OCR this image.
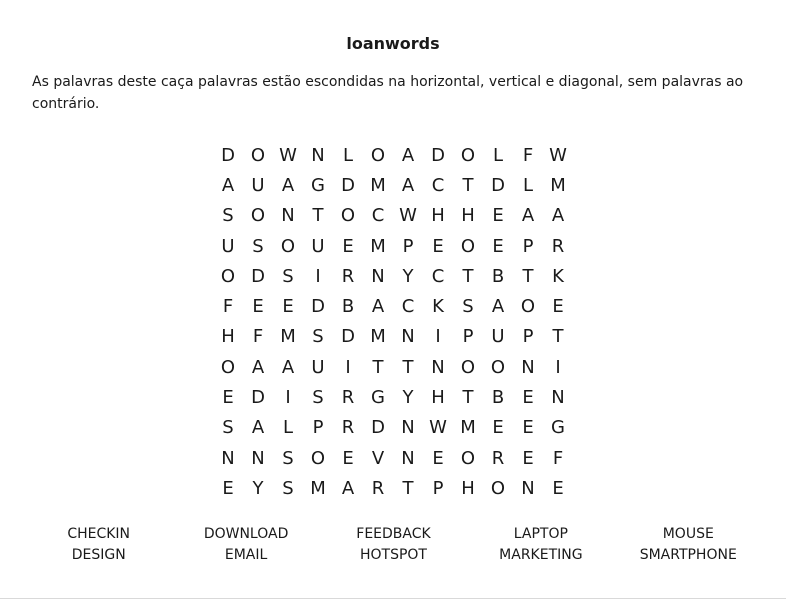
loanwords
As palavras deste caça palavras estão escondidas na horizontal, vertical e diagonal, sem palavras ao contrário.
D O W N	L O A D O L	F W
A U A G D M A C	T D	L M
S O N T O C W H H E	A A
U S O U E M P	E O E	P	R
O D S	I	R N Y	C	T	B	T	K
F	E	E D B A C K	S	A O E
H	F M S D M N	I	P U P	T
O A A U	I	T	T N O O N	I
E D	I	S	R G Y H T	B	E N
S	A	L	P	R D N W M E	E G
N N S O E	V N E O R	E	F
E	Y	S M A R	T	P H O N E
CHECKIN	DOWNLOAD	FEEDBACK	LAPTOP	MOUSE
DESIGN	EMAIL	HOTSPOT	MARKETING	SMARTPHONE
